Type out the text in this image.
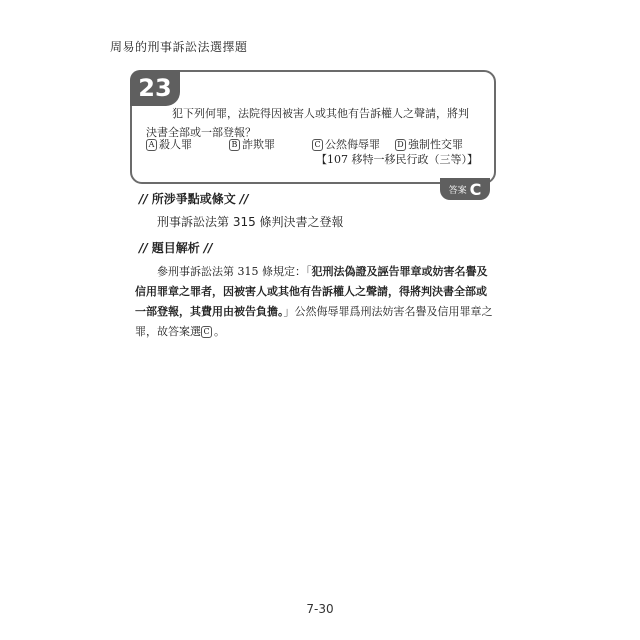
周易的刑事訴訟法選擇題
23
犯下列何罪，法院得因被害人或其他有告訴權人之聲請，將判決書全部或一部登報？
A 殺人罪	B 詐欺罪	C 公然侮辱罪	D 強制性交罪
【107 移特一移民行政（三等）】
答案 C
// 所涉爭點或條文 //
刑事訴訟法第 315 條判決書之登報
// 題目解析 //
參刑事訴訟法第 315 條規定：「犯刑法偽證及誣告罪章或妨害名譽及信用罪章之罪者，因被害人或其他有告訴權人之聲請，得將判決書全部或一部登報，其費用由被告負擔。」公然侮辱罪爲刑法妨害名譽及信用罪章之罪，故答案選 C 。
7-30
